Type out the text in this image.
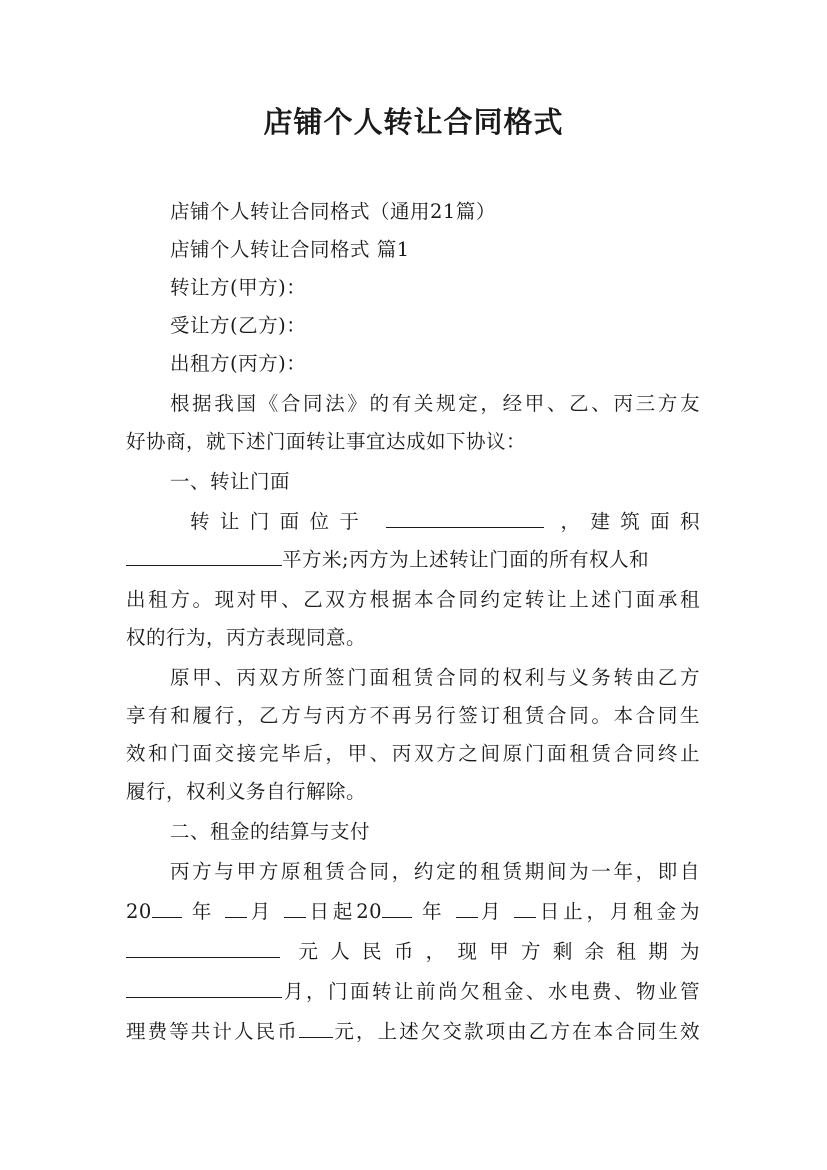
店铺个人转让合同格式
店铺个人转让合同格式（通用21篇）
店铺个人转让合同格式 篇1
转让方(甲方)：
受让方(乙方)：
出租方(丙方)：
根据我国《合同法》的有关规定，经甲、乙、丙三方友
好协商，就下述门面转让事宜达成如下协议：
一、转让门面
转让门面位于	，建筑面积
平方米;丙方为上述转让门面的所有权人和
出租方。现对甲、乙双方根据本合同约定转让上述门面承租
权的行为，丙方表现同意。
原甲、丙双方所签门面租赁合同的权利与义务转由乙方
享有和履行，乙方与丙方不再另行签订租赁合同。本合同生
效和门面交接完毕后，甲、丙双方之间原门面租赁合同终止
履行，权利义务自行解除。
二、租金的结算与支付
丙方与甲方原租赁合同，约定的租赁期间为一年，即自
20 年 月 日起20 年 月 日止，月租金为
元人民币，现甲方剩余租期为
月，门面转让前尚欠租金、水电费、物业管
理费等共计人民币 元，上述欠交款项由乙方在本合同生效
